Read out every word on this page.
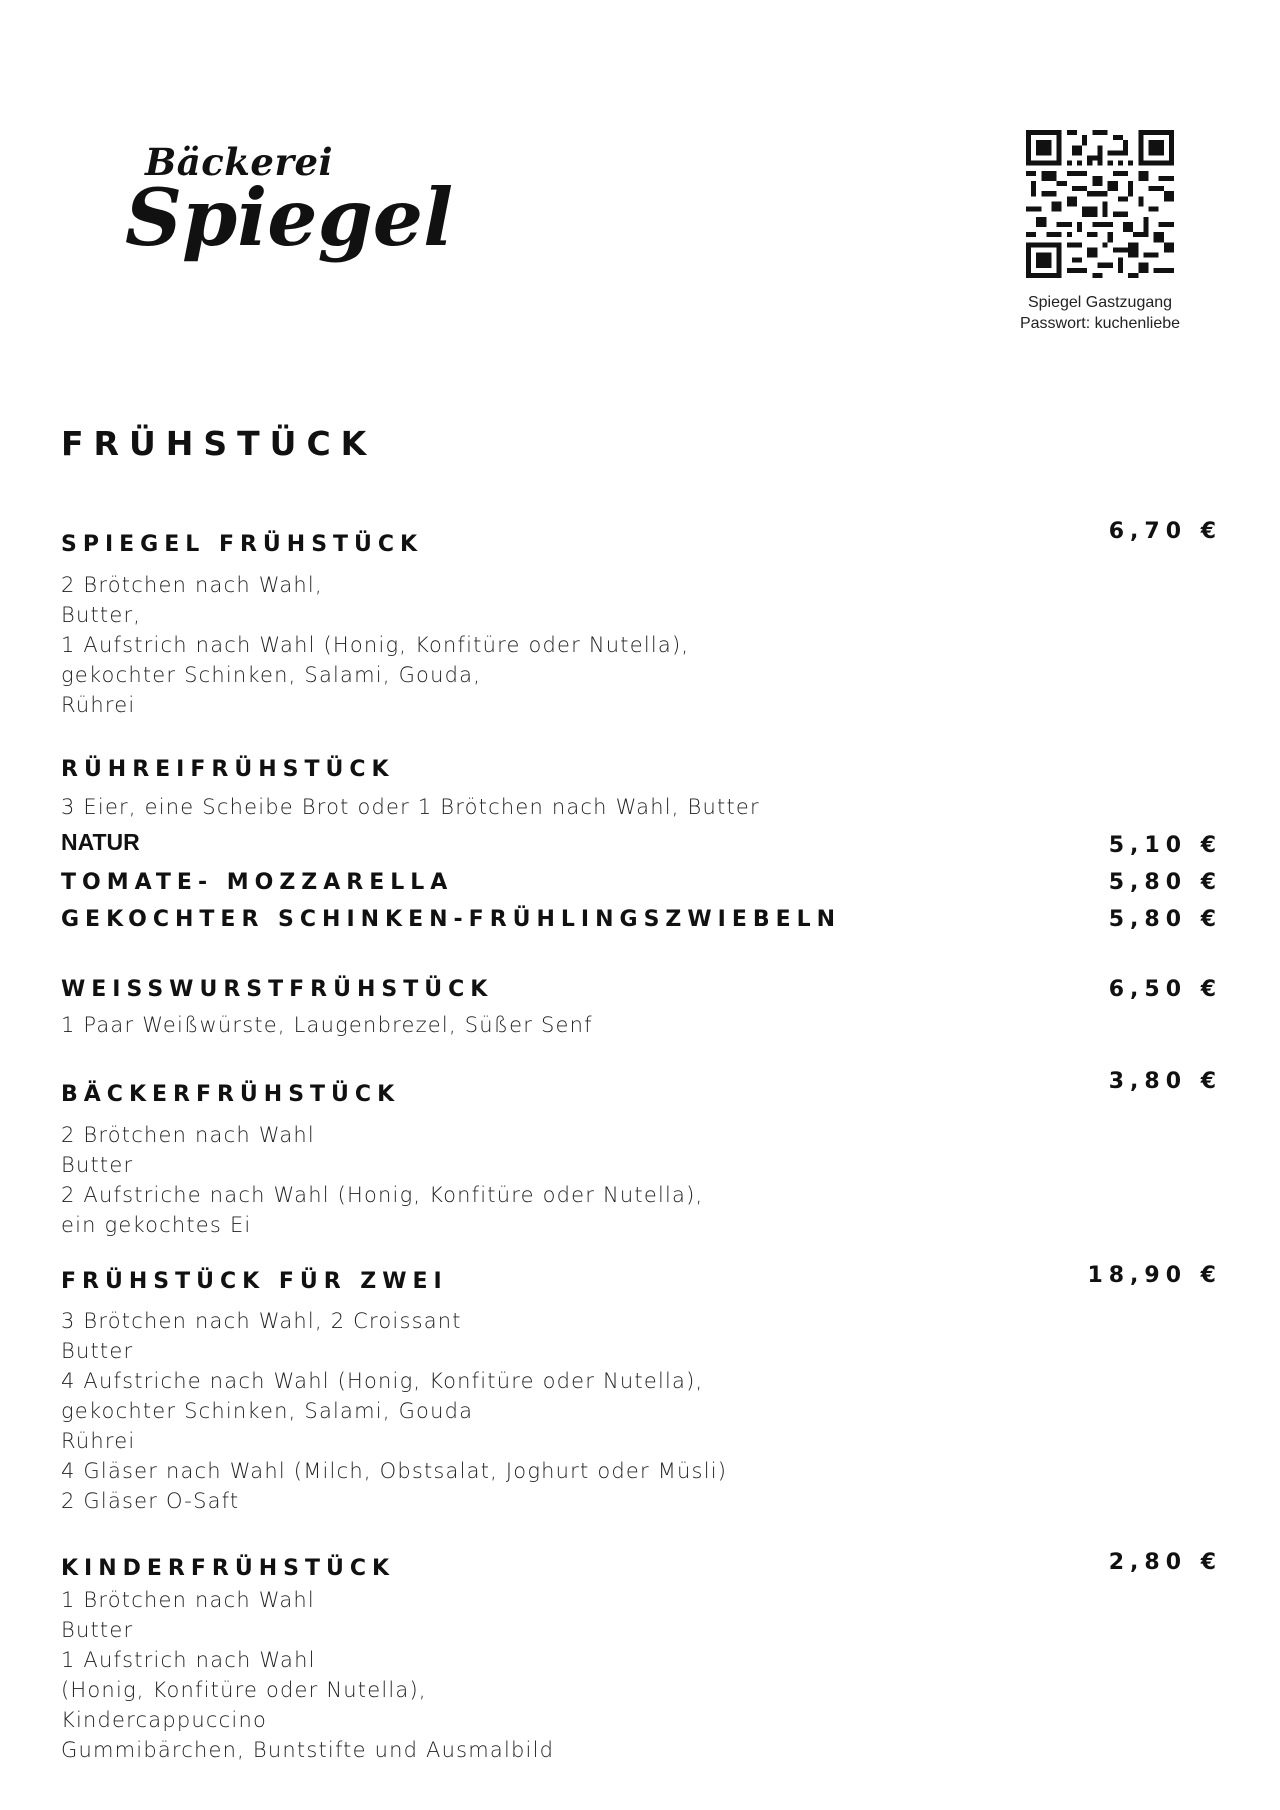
Bäckerei
Spiegel
Spiegel Gastzugang
Passwort: kuchenliebe
FRÜHSTÜCK
SPIEGEL FRÜHSTÜCK
6,70 €
2 Brötchen nach Wahl,
Butter,
1 Aufstrich nach Wahl (Honig, Konfitüre oder Nutella),
gekochter Schinken, Salami, Gouda,
Rührei
RÜHREIFRÜHSTÜCK
3 Eier, eine Scheibe Brot oder 1 Brötchen nach Wahl, Butter
NATUR	5,10 €
TOMATE- MOZZARELLA	5,80 €
GEKOCHTER SCHINKEN-FRÜHLINGSZWIEBELN	5,80 €
WEISSWURSTFRÜHSTÜCK	6,50 €
1 Paar Weißwürste, Laugenbrezel, Süßer Senf
BÄCKERFRÜHSTÜCK
3,80 €
2 Brötchen nach Wahl
Butter
2 Aufstriche nach Wahl (Honig, Konfitüre oder Nutella),
ein gekochtes Ei
FRÜHSTÜCK FÜR ZWEI	18,90 €
3 Brötchen nach Wahl, 2 Croissant
Butter
4 Aufstriche nach Wahl (Honig, Konfitüre oder Nutella),
gekochter Schinken, Salami, Gouda
Rührei
4 Gläser nach Wahl (Milch, Obstsalat, Joghurt oder Müsli)
2 Gläser O-Saft
KINDERFRÜHSTÜCK	2,80 €
1 Brötchen nach Wahl
Butter
1 Aufstrich nach Wahl
(Honig, Konfitüre oder Nutella),
Kindercappuccino
Gummibärchen, Buntstifte und Ausmalbild
